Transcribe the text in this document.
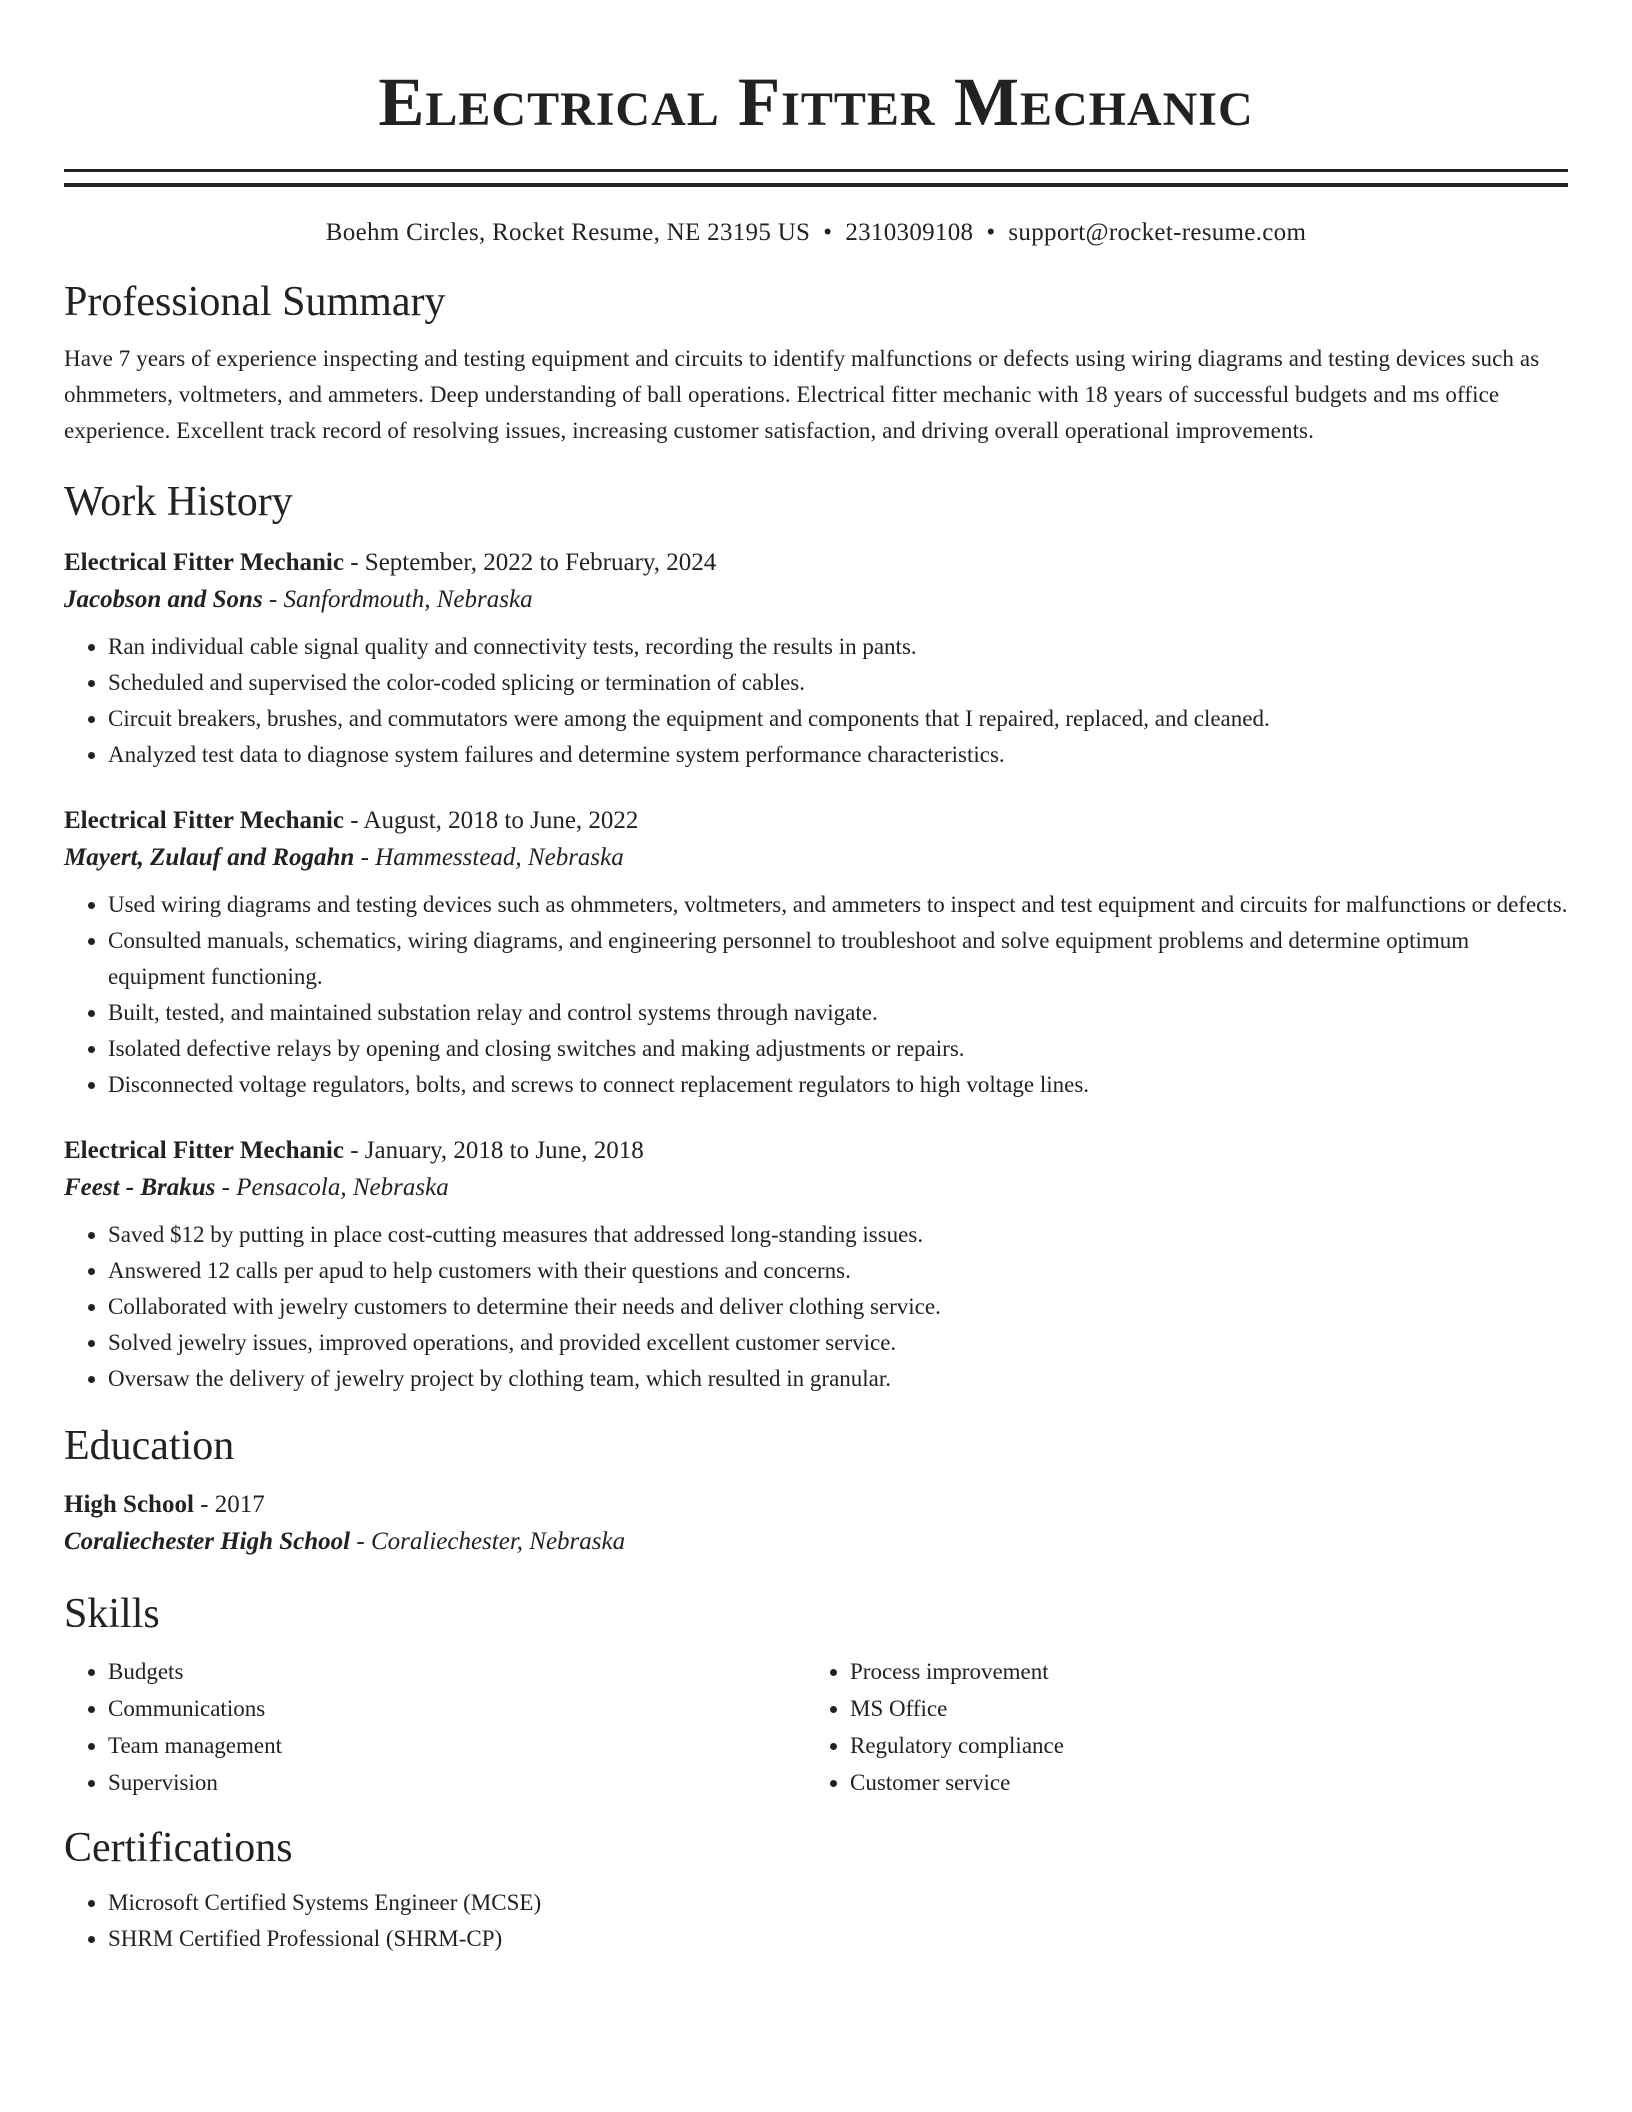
Electrical Fitter Mechanic
Boehm Circles, Rocket Resume, NE 23195 US • 2310309108 • support@rocket-resume.com
Professional Summary

Have 7 years of experience inspecting and testing equipment and circuits to identify malfunctions or defects using wiring diagrams and testing devices such as ohmmeters, voltmeters, and ammeters. Deep understanding of ball operations. Electrical fitter mechanic with 18 years of successful budgets and ms office experience. Excellent track record of resolving issues, increasing customer satisfaction, and driving overall operational improvements.

Work History
Electrical Fitter Mechanic - September, 2022 to February, 2024
Jacobson and Sons - Sanfordmouth, Nebraska
• Ran individual cable signal quality and connectivity tests, recording the results in pants.
• Scheduled and supervised the color-coded splicing or termination of cables.
• Circuit breakers, brushes, and commutators were among the equipment and components that I repaired, replaced, and cleaned.
• Analyzed test data to diagnose system failures and determine system performance characteristics.
Electrical Fitter Mechanic - August, 2018 to June, 2022
Mayert, Zulauf and Rogahn - Hammesstead, Nebraska
• Used wiring diagrams and testing devices such as ohmmeters, voltmeters, and ammeters to inspect and test equipment and circuits for malfunctions or defects.
• Consulted manuals, schematics, wiring diagrams, and engineering personnel to troubleshoot and solve equipment problems and determine optimum equipment functioning.
• Built, tested, and maintained substation relay and control systems through navigate.
• Isolated defective relays by opening and closing switches and making adjustments or repairs.
• Disconnected voltage regulators, bolts, and screws to connect replacement regulators to high voltage lines.
Electrical Fitter Mechanic - January, 2018 to June, 2018
Feest - Brakus - Pensacola, Nebraska
• Saved $12 by putting in place cost-cutting measures that addressed long-standing issues.
• Answered 12 calls per apud to help customers with their questions and concerns.
• Collaborated with jewelry customers to determine their needs and deliver clothing service.
• Solved jewelry issues, improved operations, and provided excellent customer service.
• Oversaw the delivery of jewelry project by clothing team, which resulted in granular.
Education
High School - 2017
Coraliechester High School - Coraliechester, Nebraska
Skills
• Budgets
• Communications
• Team management
• Supervision
• Process improvement
• MS Office
• Regulatory compliance
• Customer service
Certifications
• Microsoft Certified Systems Engineer (MCSE)
• SHRM Certified Professional (SHRM-CP)
